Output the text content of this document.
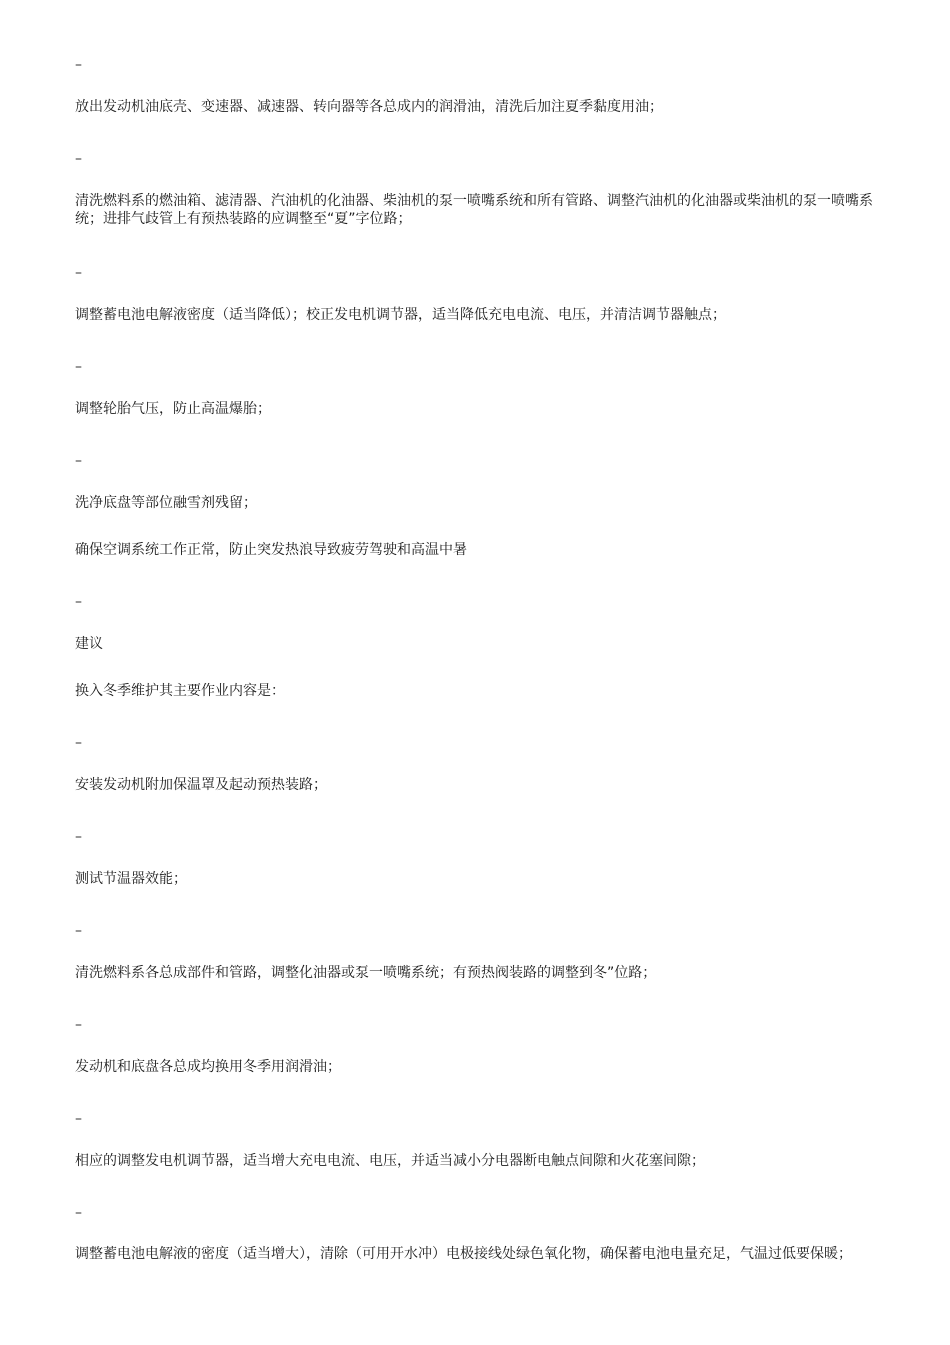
–
放出发动机油底壳、变速器、减速器、转向器等各总成内的润滑油，清洗后加注夏季黏度用油；
–
清洗燃料系的燃油箱、滤清器、汽油机的化油器、柴油机的泵一喷嘴系统和所有管路、调整汽油机的化油器或柴油机的泵一喷嘴系统；进排气歧管上有预热装路的应调整至“夏”字位路；
–
调整蓄电池电解液密度（适当降低）；校正发电机调节器，适当降低充电电流、电压，并清洁调节器触点；
–
调整轮胎气压，防止高温爆胎；
–
洗净底盘等部位融雪剂残留；
确保空调系统工作正常，防止突发热浪导致疲劳驾驶和高温中暑
–
建议
换入冬季维护其主要作业内容是：
–
安装发动机附加保温罩及起动预热装路；
–
测试节温器效能；
–
清洗燃料系各总成部件和管路，调整化油器或泵一喷嘴系统；有预热阀装路的调整到冬”位路；
–
发动机和底盘各总成均换用冬季用润滑油；
–
相应的调整发电机调节器，适当增大充电电流、电压，并适当减小分电器断电触点间隙和火花塞间隙；
–
调整蓄电池电解液的密度（适当增大），清除（可用开水冲）电极接线处绿色氧化物，确保蓄电池电量充足，气温过低要保暖；
